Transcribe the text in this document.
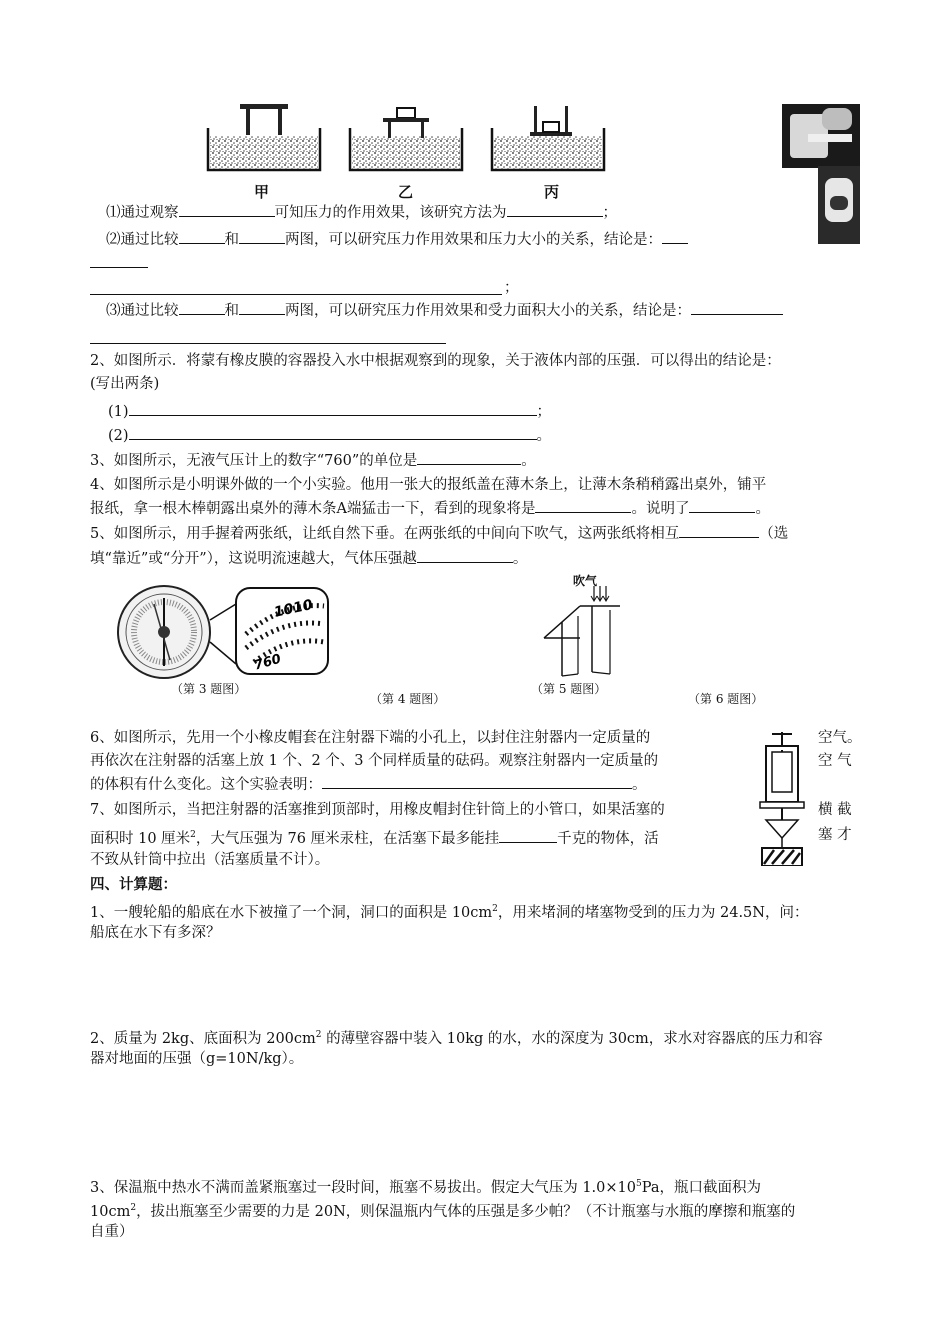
甲	乙	丙
⑴通过观察	可知压力的作用效果，该研究方法为	；
⑵通过比较	和	两图，可以研究压力作用效果和压力大小的关系，结论是：
；
⑶通过比较	和	两图，可以研究压力作用效果和受力面积大小的关系，结论是：
2、如图所示．将蒙有橡皮膜的容器投入水中根据观察到的现象，关于液体内部的压强．可以得出的结论是：
(写出两条)
(1)	；
(2)	。
3、如图所示，无液气压计上的数字“760”的单位是	。
4、如图所示是小明课外做的一个小实验。他用一张大的报纸盖在薄木条上，让薄木条稍稍露出桌外，铺平
报纸，拿一根木棒朝露出桌外的薄木条A端猛击一下，看到的现象将是	。说明了	。
5、如图所示，用手握着两张纸，让纸自然下垂。在两张纸的中间向下吹气，这两张纸将相互	（选
填“靠近”或“分开”），这说明流速越大，气体压强越	。
1010
760
吹气
（第 3 题图）
（第 4 题图）
（第 5 题图）
（第 6 题图）
6、如图所示，先用一个小橡皮帽套在注射器下端的小孔上，以封住注射器内一定质量的	空气。
再依次在注射器的活塞上放 1 个、2 个、3 个同样质量的砝码。观察注射器内一定质量的	空 气
的体积有什么变化。这个实验表明：	。
7、如图所示，当把注射器的活塞推到顶部时，用橡皮帽封住针筒上的小管口，如果活塞的	横 截
面积时 10 厘米$^2$，大气压强为 76 厘米汞柱，在活塞下最多能挂	千克的物体，活	塞 才
不致从针筒中拉出（活塞质量不计）。
四、计算题：
1、一艘轮船的船底在水下被撞了一个洞，洞口的面积是 $10cm^2$，用来堵洞的堵塞物受到的压力为 24.5N，问：
船底在水下有多深？
2、质量为 2kg、底面积为 $200cm^2$ 的薄壁容器中装入 10kg 的水，水的深度为 30cm，求水对容器底的压力和容
器对地面的压强（g=10N/kg）。
3、保温瓶中热水不满而盖紧瓶塞过一段时间，瓶塞不易拔出。假定大气压为 $1.0\times 10^5Pa$，瓶口截面积为
$10cm^2$，拔出瓶塞至少需要的力是 20N，则保温瓶内气体的压强是多少帕？（不计瓶塞与水瓶的摩擦和瓶塞的
自重）
